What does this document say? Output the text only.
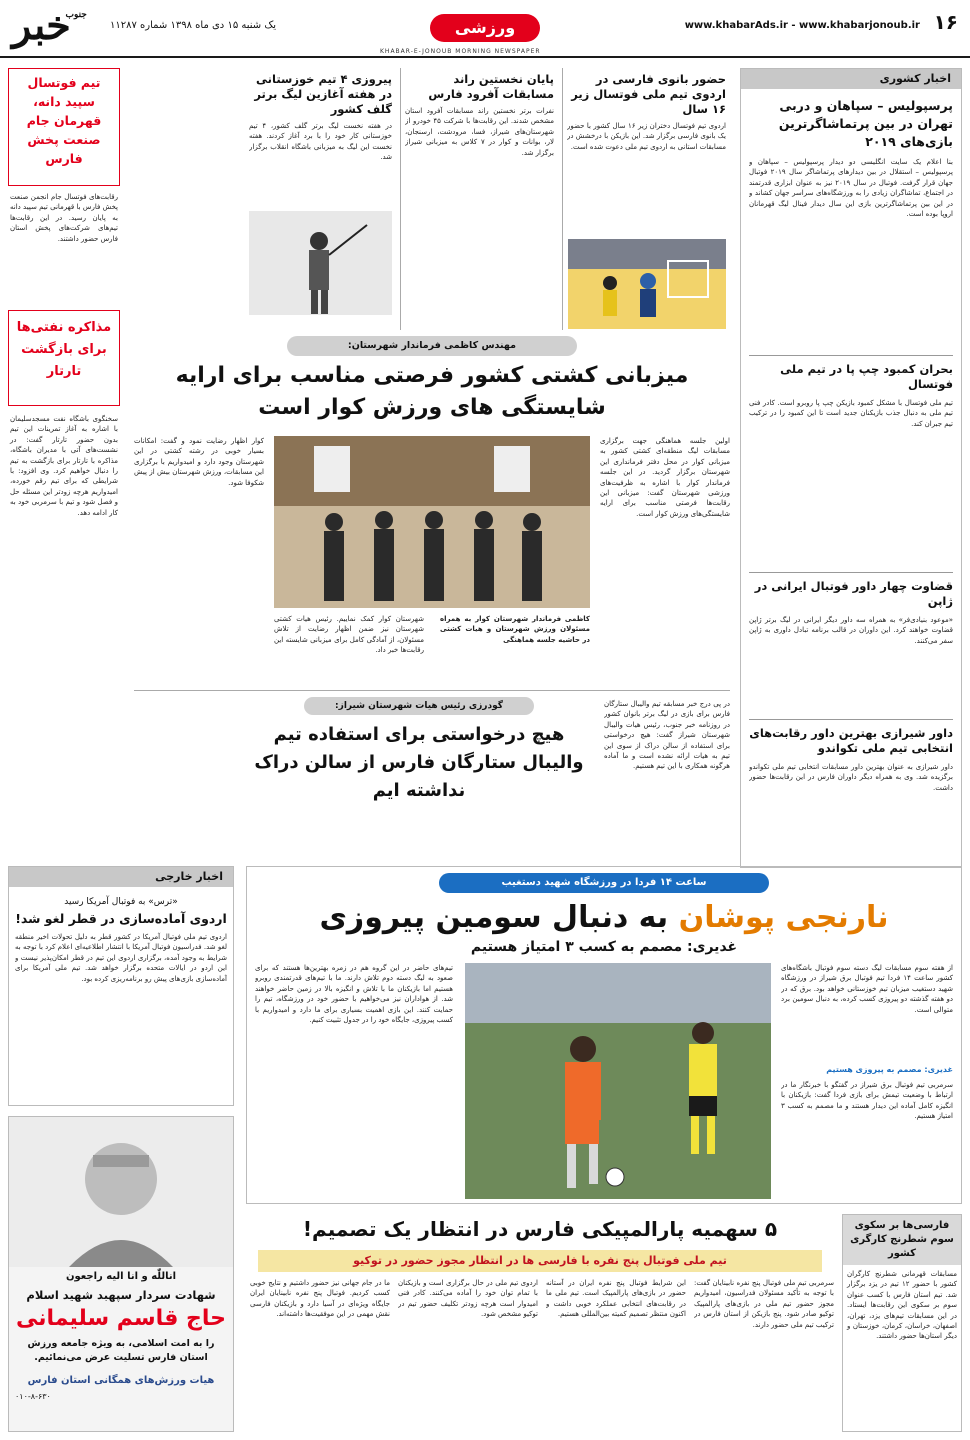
خبر
جنوب
یک شنبه ۱۵ دی ماه ۱۳۹۸ شماره ۱۱۲۸۷	ورزشی	www.khabarAds.ir - www.khabarjonoub.ir ۱۶
KHABAR-E-JONOUB MORNING NEWSPAPER
اخبار کشوری
پرسپولیس – سپاهان و دربی تهران در بین پرتماشاگرترین بازی‌های ۲۰۱۹
بنا اعلام یک سایت انگلیسی دو دیدار پرسپولیس – سپاهان و پرسپولیس – استقلال در بین دیدارهای پرتماشاگر سال ۲۰۱۹ فوتبال جهان قرار گرفت. فوتبال در سال ۲۰۱۹ نیز به عنوان ابزاری قدرتمند در اجتماع، تماشاگران زیادی را به ورزشگاه‌های سراسر جهان کشاند و در این بین پرتماشاگرترین بازی این سال دیدار فینال لیگ قهرمانان اروپا بوده است.
بحران کمبود چپ پا در تیم ملی فوتسال
تیم ملی فوتسال با مشکل کمبود بازیکن چپ پا روبرو است. کادر فنی تیم ملی به دنبال جذب بازیکنان جدید است تا این کمبود را در ترکیب تیم جبران کند.
قضاوت چهار داور فوتبال ایرانی در ژاپن
«موعود بنیادی‌فر» به همراه سه داور دیگر ایرانی در لیگ برتر ژاپن قضاوت خواهند کرد. این داوران در قالب برنامه تبادل داوری به ژاپن سفر می‌کنند.
داور شیرازی بهترین داور رقابت‌های انتخابی تیم ملی تکواندو
داور شیرازی به عنوان بهترین داور مسابقات انتخابی تیم ملی تکواندو برگزیده شد. وی به همراه دیگر داوران فارس در این رقابت‌ها حضور داشت.
حضور بانوی فارسی در اردوی تیم ملی فوتسال زیر ۱۶ سال
اردوی تیم فوتسال دختران زیر ۱۶ سال کشور با حضور یک بانوی فارسی برگزار شد. این بازیکن با درخشش در مسابقات استانی به اردوی تیم ملی دعوت شده است.
پایان نخستین راند مسابقات آفرود فارس
نفرات برتر نخستین راند مسابقات آفرود استان مشخص شدند. این رقابت‌ها با شرکت ۴۵ خودرو از شهرستان‌های شیراز، فسا، مرودشت، ارسنجان، لار، بوانات و کوار در ۷ کلاس به میزبانی شیراز برگزار شد.
پیروزی ۴ تیم خوزستانی در هفته آغازین لیگ برتر گلف کشور
در هفته نخست لیگ برتر گلف کشور، ۴ تیم خوزستانی کار خود را با برد آغاز کردند. هفته نخست این لیگ به میزبانی باشگاه انقلاب برگزار شد.
تیم فوتسال سپید دانه، قهرمان جام صنعت پخش فارس
رقابت‌های فوتسال جام انجمن صنعت پخش فارس با قهرمانی تیم سپید دانه به پایان رسید. در این رقابت‌ها تیم‌های شرکت‌های پخش استان فارس حضور داشتند.
مذاکره نفتی‌ها برای بازگشت تارتار
سخنگوی باشگاه نفت مسجدسلیمان با اشاره به آغاز تمرینات این تیم بدون حضور تارتار گفت: در نشست‌های آتی با مدیران باشگاه، مذاکره با تارتار برای بازگشت به تیم را دنبال خواهیم کرد. وی افزود: با شرایطی که برای تیم رقم خورده، امیدواریم هرچه زودتر این مسئله حل و فصل شود و تیم با سرمربی خود به کار ادامه دهد.
مهندس کاظمی فرماندار شهرستان:
میزبانی کشتی کشور فرصتی مناسب برای ارایه شایستگی های ورزش کوار است
اولین جلسه هماهنگی جهت برگزاری مسابقات لیگ منطقه‌ای کشتی کشور به میزبانی کوار در محل دفتر فرمانداری این شهرستان برگزار گردید. در این جلسه فرماندار کوار با اشاره به ظرفیت‌های ورزشی شهرستان گفت: میزبانی این رقابت‌ها فرصتی مناسب برای ارایه شایستگی‌های ورزش کوار است.
کوار اظهار رضایت نمود و گفت: امکانات بسیار خوبی در رشته کشتی در این شهرستان وجود دارد و امیدواریم با برگزاری این مسابقات، ورزش شهرستان بیش از پیش شکوفا شود.
شهرستان کوار کمک نماییم. رئیس هیات کشتی شهرستان نیز ضمن اظهار رضایت از تلاش مسئولان، از آمادگی کامل برای میزبانی شایسته این رقابت‌ها خبر داد.
کاظمی فرماندار شهرستان کوار به همراه مسئولان ورزش شهرستان و هیات کشتی در حاشیه جلسه هماهنگی
در پی درج خبر مسابقه تیم والیبال ستارگان فارس برای بازی در لیگ برتر بانوان کشور در روزنامه خبر جنوب، رئیس هیات والیبال شهرستان شیراز گفت: هیچ درخواستی برای استفاده از سالن دراک از سوی این تیم به هیات ارائه نشده است و ما آماده هرگونه همکاری با این تیم هستیم.
گودرزی رئیس هیات شهرستان شیراز:
هیچ درخواستی برای استفاده تیم والیبال ستارگان فارس از سالن دراک نداشته ایم
اخبار خارجی
«ترس» به فوتبال آمریکا رسید
اردوی آماده‌سازی در قطر لغو شد!
اردوی تیم ملی فوتبال آمریکا در کشور قطر به دلیل تحولات اخیر منطقه لغو شد. فدراسیون فوتبال آمریکا با انتشار اطلاعیه‌ای اعلام کرد با توجه به شرایط به وجود آمده، برگزاری اردوی این تیم در قطر امکان‌پذیر نیست و این اردو در ایالات متحده برگزار خواهد شد. تیم ملی آمریکا برای آماده‌سازی بازی‌های پیش رو برنامه‌ریزی کرده بود.
اناللّٰه و انا الیه راجعون
شهادت سردار سپهبد شهید اسلام
حاج قاسم سلیمانی
را به امت اسلامی، به ویژه جامعه ورزش استان فارس تسلیت عرض می‌نمائیم.
هیات ورزش‌های همگانی استان فارس
۰۱۰-۸-۶۳۰
ساعت ۱۴ فردا در ورزشگاه شهید دستغیب
نارنجی پوشان به دنبال سومین پیروزی
غدیری: مصمم به کسب ۳ امتیاز هستیم
از هفته سوم مسابقات لیگ دسته سوم فوتبال باشگاه‌های کشور ساعت ۱۴ فردا تیم فوتبال برق شیراز در ورزشگاه شهید دستغیب میزبان تیم خوزستانی خواهد بود. برق که در دو هفته گذشته دو پیروزی کسب کرده، به دنبال سومین برد متوالی است.
غدیری: مصمم به پیروزی هستیم
سرمربی تیم فوتبال برق شیراز در گفتگو با خبرنگار ما در ارتباط با وضعیت تیمش برای بازی فردا گفت: بازیکنان با انگیزه کامل آماده این دیدار هستند و ما مصمم به کسب ۳ امتیاز هستیم.
تیم‌های حاضر در این گروه هم در زمره بهترین‌ها هستند که برای صعود به لیگ دسته دوم تلاش دارند. ما با تیم‌های قدرتمندی روبرو هستیم اما بازیکنان ما با تلاش و انگیزه بالا در زمین حاضر خواهند شد. از هواداران نیز می‌خواهیم با حضور خود در ورزشگاه، تیم را حمایت کنند. این بازی اهمیت بسیاری برای ما دارد و امیدواریم با کسب پیروزی، جایگاه خود را در جدول تثبیت کنیم.
۵ سهمیه پارالمپیکی فارس در انتظار یک تصمیم!
تیم ملی فوتبال پنج نفره با فارسی ها در انتظار مجوز حضور در توکیو
سرمربی تیم ملی فوتبال پنج نفره نابینایان گفت: با توجه به تأکید مسئولان فدراسیون، امیدواریم مجوز حضور تیم ملی در بازی‌های پارالمپیک توکیو صادر شود. پنج بازیکن از استان فارس در ترکیب تیم ملی حضور دارند.
این شرایط فوتبال پنج نفره ایران در آستانه حضور در بازی‌های پارالمپیک است. تیم ملی ما در رقابت‌های انتخابی عملکرد خوبی داشت و اکنون منتظر تصمیم کمیته بین‌المللی هستیم.
اردوی تیم ملی در حال برگزاری است و بازیکنان با تمام توان خود را آماده می‌کنند. کادر فنی امیدوار است هرچه زودتر تکلیف حضور تیم در توکیو مشخص شود.
ما در جام جهانی نیز حضور داشتیم و نتایج خوبی کسب کردیم. فوتبال پنج نفره نابینایان ایران جایگاه ویژه‌ای در آسیا دارد و بازیکنان فارسی نقش مهمی در این موفقیت‌ها داشته‌اند.
فارسی‌ها بر سکوی سوم شطرنج کارگری کشور
مسابقات قهرمانی شطرنج کارگران کشور با حضور ۱۲ تیم در یزد برگزار شد. تیم استان فارس با کسب عنوان سوم بر سکوی این رقابت‌ها ایستاد. در این مسابقات تیم‌های یزد، تهران، اصفهان، خراسان، کرمان، خوزستان و دیگر استان‌ها حضور داشتند.
